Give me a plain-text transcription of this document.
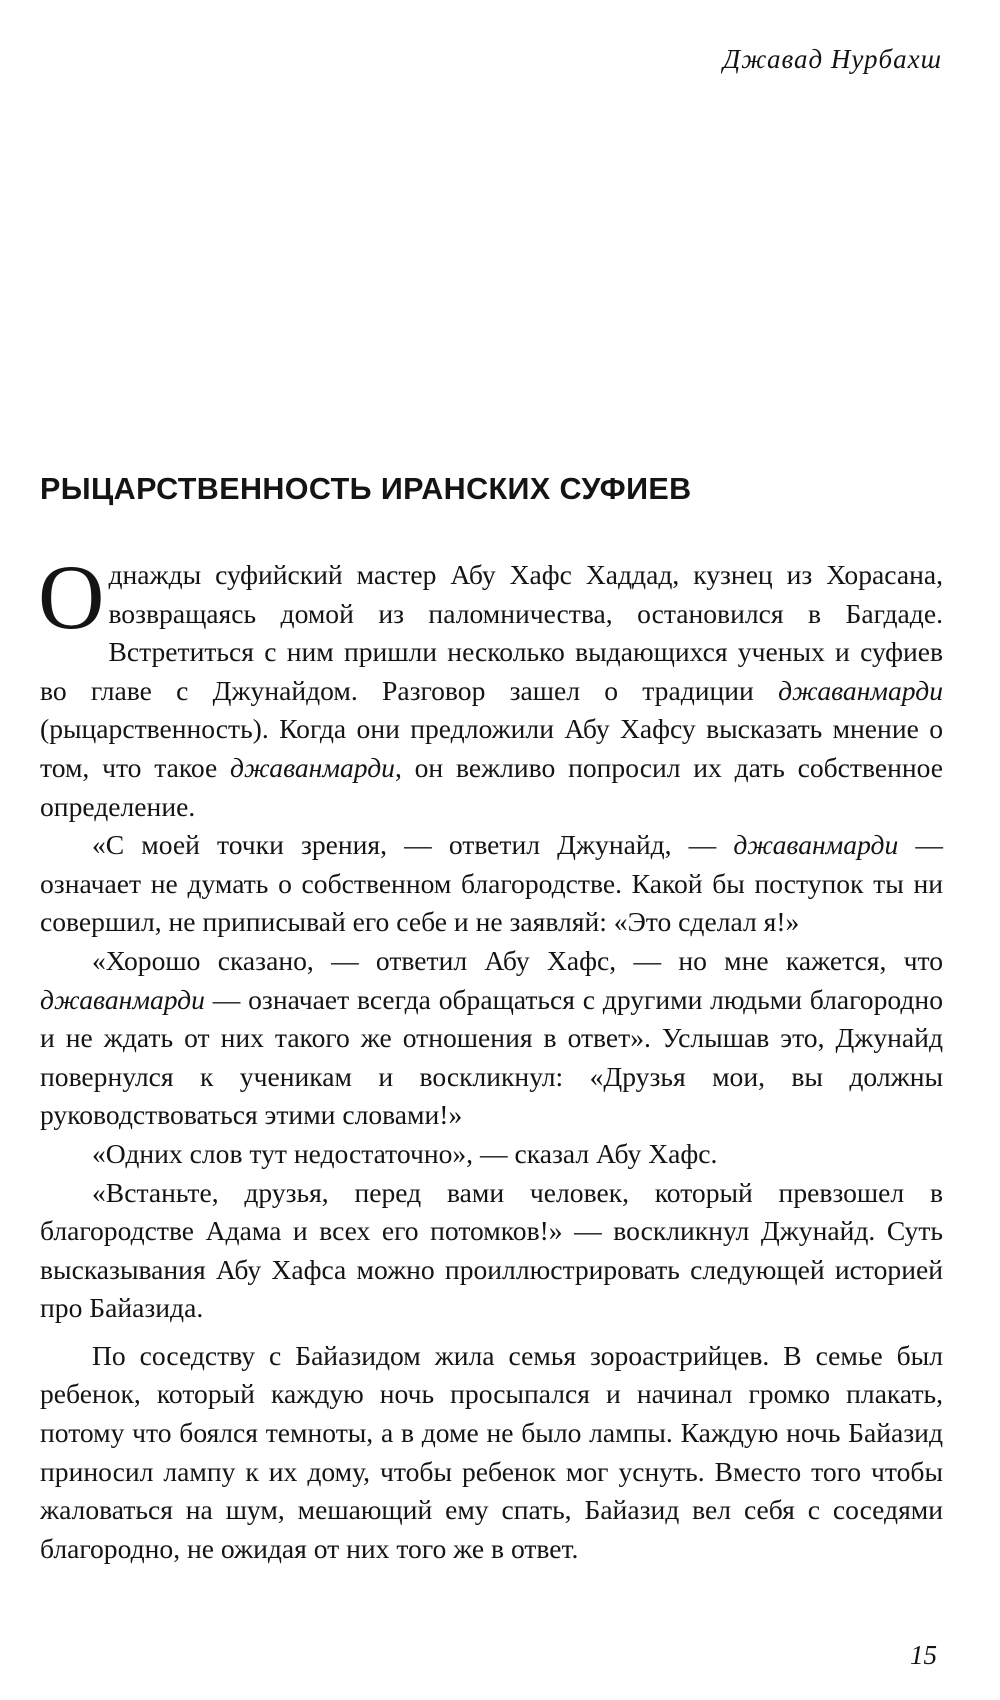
Джавад Нурбахш
РЫЦАРСТВЕННОСТЬ ИРАНСКИХ СУФИЕВ

Однажды суфийский мастер Абу Хафс Хаддад, кузнец из Хорасана, возвращаясь домой из паломничества, остановился в Багдаде. Встретиться с ним пришли несколько выдающихся ученых и суфиев во главе с Джунайдом. Разговор зашел о традиции джаванмарди (рыцарственность). Когда они предложили Абу Хафсу высказать мнение о том, что такое джаванмарди, он вежливо попросил их дать собственное определение.

«С моей точки зрения, — ответил Джунайд, — джаванмарди — означает не думать о собственном благородстве. Какой бы поступок ты ни совершил, не приписывай его себе и не заявляй: «Это сделал я!»

«Хорошо сказано, — ответил Абу Хафс, — но мне кажется, что джаванмарди — означает всегда обращаться с другими людьми благородно и не ждать от них такого же отношения в ответ». Услышав это, Джунайд повернулся к ученикам и воскликнул: «Друзья мои, вы должны руководствоваться этими словами!»

«Одних слов тут недостаточно», — сказал Абу Хафс.

«Встаньте, друзья, перед вами человек, который превзошел в благородстве Адама и всех его потомков!» — воскликнул Джунайд. Суть высказывания Абу Хафса можно проиллюстрировать следующей историей про Байазида.

По соседству с Байазидом жила семья зороастрийцев. В семье был ребенок, который каждую ночь просыпался и начинал громко плакать, потому что боялся темноты, а в доме не было лампы. Каждую ночь Байазид приносил лампу к их дому, чтобы ребенок мог уснуть. Вместо того чтобы жаловаться на шум, мешающий ему спать, Байазид вел себя с соседями благородно, не ожидая от них того же в ответ.

15
